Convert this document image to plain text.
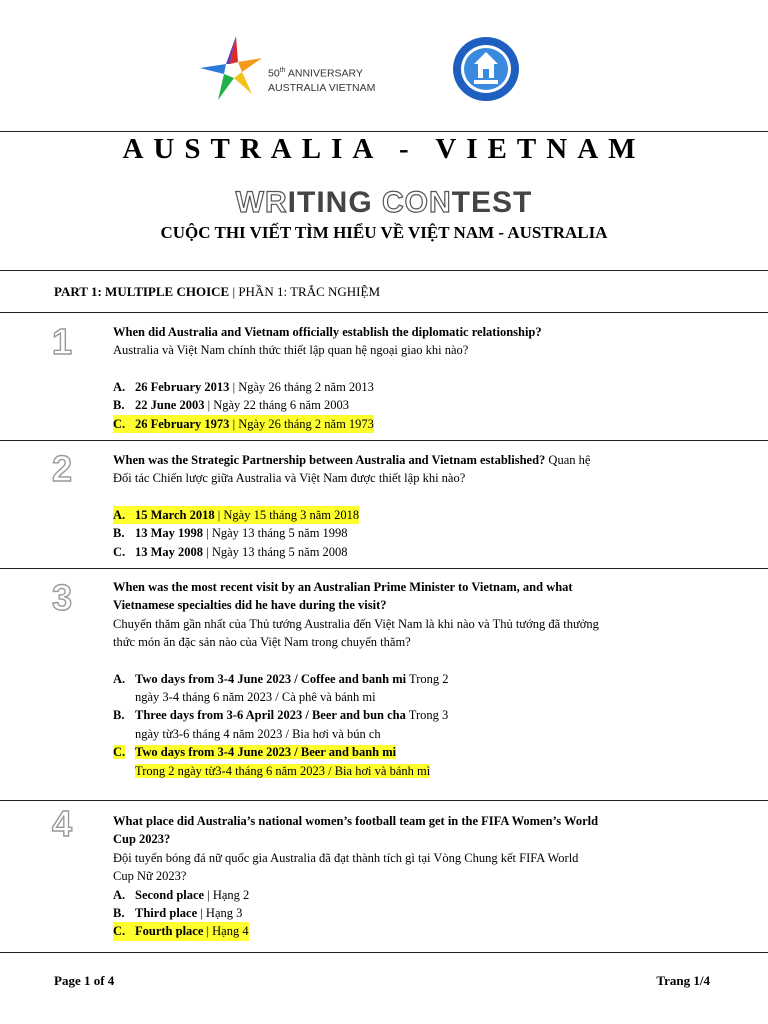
50th ANNIVERSARY
AUSTRALIA VIETNAM
AUSTRALIA - VIETNAM
WRITING CONTEST
CUỘC THI VIẾT TÌM HIỂU VỀ VIỆT NAM - AUSTRALIA
PART 1: MULTIPLE CHOICE | PHẦN 1: TRẮC NGHIỆM
1	When did Australia and Vietnam officially establish the diplomatic relationship?

Australia và Việt Nam chính thức thiết lập quan hệ ngoại giao khi nào?

A. 26 February 2013 | Ngày 26 tháng 2 năm 2013
B. 22 June 2003 | Ngày 22 tháng 6 năm 2003
C. 26 February 1973 | Ngày 26 tháng 2 năm 1973
2	When was the Strategic Partnership between Australia and Vietnam established? Quan hệ

Đối tác Chiến lược giữa Australia và Việt Nam được thiết lập khi nào?

A. 15 March 2018 | Ngày 15 tháng 3 năm 2018
B. 13 May 1998 | Ngày 13 tháng 5 năm 1998
C. 13 May 2008 | Ngày 13 tháng 5 năm 2008
3	When was the most recent visit by an Australian Prime Minister to Vietnam, and what

Vietnamese specialties did he have during the visit?

Chuyến thăm gần nhất của Thủ tướng Australia đến Việt Nam là khi nào và Thủ tướng đã thưởng

thức món ăn đặc sản nào của Việt Nam trong chuyến thăm?

A. Two days from 3-4 June 2023 / Coffee and banh mi Trong 2
ngày 3-4 tháng 6 năm 2023 / Cà phê và bánh mì
B. Three days from 3-6 April 2023 / Beer and bun cha Trong 3
ngày từ3-6 tháng 4 năm 2023 / Bia hơi và bún ch
C. Two days from 3-4 June 2023 / Beer and banh mi
Trong 2 ngày từ3-4 tháng 6 năm 2023 / Bia hơi và bánh mì
4	What place did Australia’s national women’s football team get in the FIFA Women’s World

Cup 2023?

Đội tuyển bóng đá nữ quốc gia Australia đã đạt thành tích gì tại Vòng Chung kết FIFA World

Cup Nữ 2023?

A. Second place | Hạng 2
B. Third place | Hạng 3
C. Fourth place | Hạng 4
Page 1 of 4	Trang 1/4
